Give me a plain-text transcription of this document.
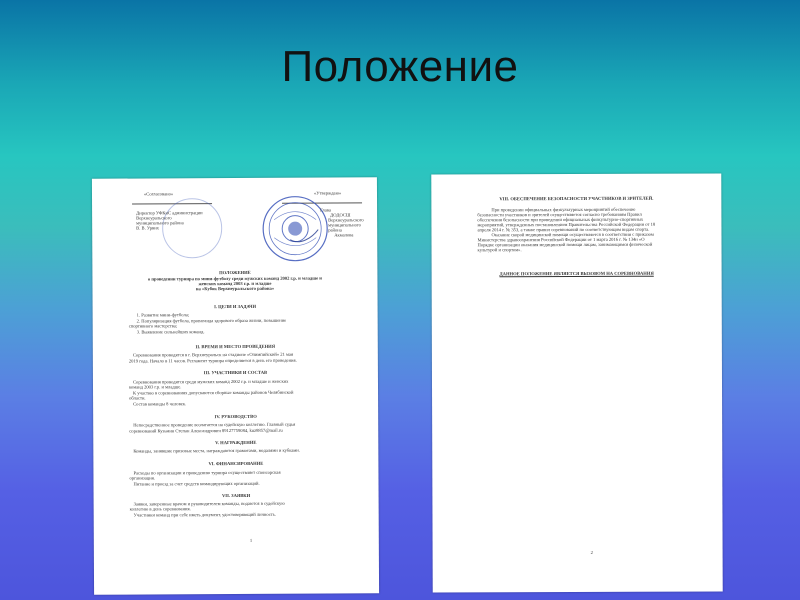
Положение
«Согласовано»	«Утверждаю»
Директор УФКиС администрации
Верхнеуральского
муниципального района
В. В. Урвих
Глава
ДОДОСШ
Верхнеуральского
муниципального
района
Акмалова
ПОЛОЖЕНИЕ
о проведении турнира по мини-футболу среди мужских команд 2002 г.р. и младше и
женских команд 2003 г.р. и младше
на «Кубок Верхнеуральского района»
I. ЦЕЛИ И ЗАДАЧИ
1. Развитие мини-футбола;
2. Популяризация футбола, пропаганда здорового образа жизни, повышение
спортивного мастерства;
3. Выявление сильнейших команд.
II. ВРЕМЯ И МЕСТО ПРОВЕДЕНИЯ
Соревнования проводятся в г. Верхнеуральск на стадионе «Олимпийский» 21 мая
2019 года. Начало в 11 часов. Регламент турнира определяется в день его проведения.
III. УЧАСТНИКИ И СОСТАВ
Соревнования проводятся среди мужских команд 2002 г.р. и младше и женских
команд 2003 г.р. и младше.
К участию в соревнованиях допускаются сборные команды районов Челябинской
области.
Состав команды 8 человек.
IV. РУКОВОДСТВО
Непосредственное проведение возлагается на судейскую коллегию. Главный судья
соревнований Кузьмин Степан Александрович 89127759084, kuz8857@mail.ru
V. НАГРАЖДЕНИЕ
Команды, занявшие призовые места, награждаются грамотами, медалями и кубками.
VI. ФИНАНСИРОВАНИЕ
Расходы по организации и проведению турнира осуществляет спонсорская
организация.
Питание и проезд за счет средств командирующих организаций.
VII. ЗАЯВКИ
Заявки, заверенные врачом и руководителем команды, подаются в судейскую
коллегию в день соревнования.
Участники команд при себе иметь документ, удостоверяющий личность.
1
VIII. ОБЕСПЕЧЕНИЕ БЕЗОПАСНОСТИ УЧАСТНИКОВ И ЗРИТЕЛЕЙ.
При проведении официальных физкультурных мероприятий обеспечение
безопасности участников и зрителей осуществляется согласно требованиям Правил
обеспечения безопасности при проведении официальных физкультурно-спортивных
мероприятий, утвержденных постановлением Правительства Российской Федерации от 18
апреля 2014 г. № 353, а также правил соревнований по соответствующим видам спорта.
Оказание скорой медицинской помощи осуществляется в соответствии с приказом
Министерства здравоохранения Российской Федерации от 1 марта 2016 г. № 134н «О
Порядке организации оказания медицинской помощи лицам, занимающимся физической
культурой и спортом».
ДАННОЕ ПОЛОЖЕНИЕ ЯВЛЯЕТСЯ ВЫЗОВОМ НА СОРЕВНОВАНИЯ
2
